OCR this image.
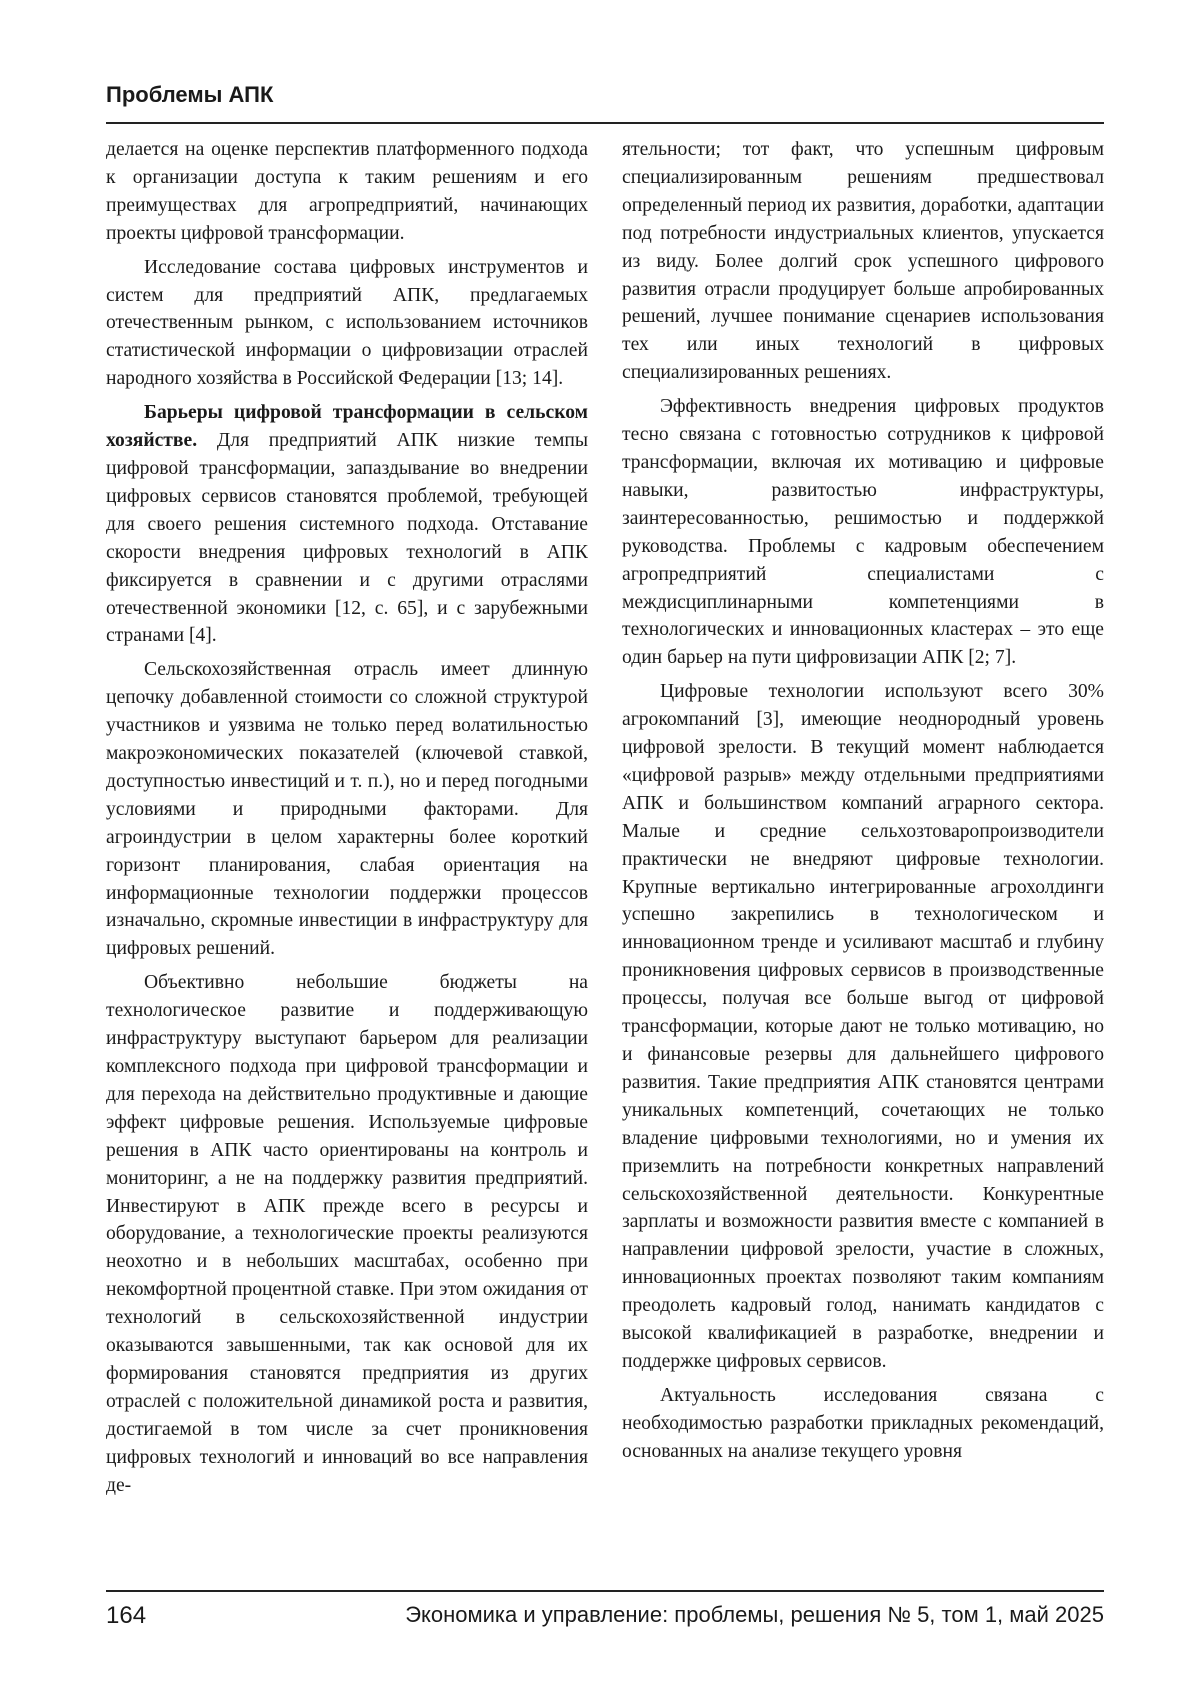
Проблемы АПК

делается на оценке перспектив платформенного подхода к организации доступа к таким решениям и его преимуществах для агропредприятий, начинающих проекты цифровой трансформации.

Исследование состава цифровых инструментов и систем для предприятий АПК, предлагаемых отечественным рынком, с использованием источников статистической информации о цифровизации отраслей народного хозяйства в Российской Федерации [13; 14].

Барьеры цифровой трансформации в сельском хозяйстве. Для предприятий АПК низкие темпы цифровой трансформации, запаздывание во внедрении цифровых сервисов становятся проблемой, требующей для своего решения системного подхода. Отставание скорости внедрения цифровых технологий в АПК фиксируется в сравнении и с другими отраслями отечественной экономики [12, с. 65], и с зарубежными странами [4].

Сельскохозяйственная отрасль имеет длинную цепочку добавленной стоимости со сложной структурой участников и уязвима не только перед волатильностью макроэкономических показателей (ключевой ставкой, доступностью инвестиций и т. п.), но и перед погодными условиями и природными факторами. Для агроиндустрии в целом характерны более короткий горизонт планирования, слабая ориентация на информационные технологии поддержки процессов изначально, скромные инвестиции в инфраструктуру для цифровых решений.

Объективно небольшие бюджеты на технологическое развитие и поддерживающую инфраструктуру выступают барьером для реализации комплексного подхода при цифровой трансформации и для перехода на действительно продуктивные и дающие эффект цифровые решения. Используемые цифровые решения в АПК часто ориентированы на контроль и мониторинг, а не на поддержку развития предприятий. Инвестируют в АПК прежде всего в ресурсы и оборудование, а технологические проекты реализуются неохотно и в небольших масштабах, особенно при некомфортной процентной ставке. При этом ожидания от технологий в сельскохозяйственной индустрии оказываются завышенными, так как основой для их формирования становятся предприятия из других отраслей с положительной динамикой роста и развития, достигаемой в том числе за счет проникновения цифровых технологий и инноваций во все направления де-

ятельности; тот факт, что успешным цифровым специализированным решениям предшествовал определенный период их развития, доработки, адаптации под потребности индустриальных клиентов, упускается из виду. Более долгий срок успешного цифрового развития отрасли продуцирует больше апробированных решений, лучшее понимание сценариев использования тех или иных технологий в цифровых специализированных решениях.

Эффективность внедрения цифровых продуктов тесно связана с готовностью сотрудников к цифровой трансформации, включая их мотивацию и цифровые навыки, развитостью инфраструктуры, заинтересованностью, решимостью и поддержкой руководства. Проблемы с кадровым обеспечением агропредприятий специалистами с междисциплинарными компетенциями в технологических и инновационных кластерах – это еще один барьер на пути цифровизации АПК [2; 7].

Цифровые технологии используют всего 30% агрокомпаний [3], имеющие неоднородный уровень цифровой зрелости. В текущий момент наблюдается «цифровой разрыв» между отдельными предприятиями АПК и большинством компаний аграрного сектора. Малые и средние сельхозтоваропроизводители практически не внедряют цифровые технологии. Крупные вертикально интегрированные агрохолдинги успешно закрепились в технологическом и инновационном тренде и усиливают масштаб и глубину проникновения цифровых сервисов в производственные процессы, получая все больше выгод от цифровой трансформации, которые дают не только мотивацию, но и финансовые резервы для дальнейшего цифрового развития. Такие предприятия АПК становятся центрами уникальных компетенций, сочетающих не только владение цифровыми технологиями, но и умения их приземлить на потребности конкретных направлений сельскохозяйственной деятельности. Конкурентные зарплаты и возможности развития вместе с компанией в направлении цифровой зрелости, участие в сложных, инновационных проектах позволяют таким компаниям преодолеть кадровый голод, нанимать кандидатов с высокой квалификацией в разработке, внедрении и поддержке цифровых сервисов.

Актуальность исследования связана с необходимостью разработки прикладных рекомендаций, основанных на анализе текущего уровня

164	Экономика и управление: проблемы, решения № 5, том 1, май 2025
